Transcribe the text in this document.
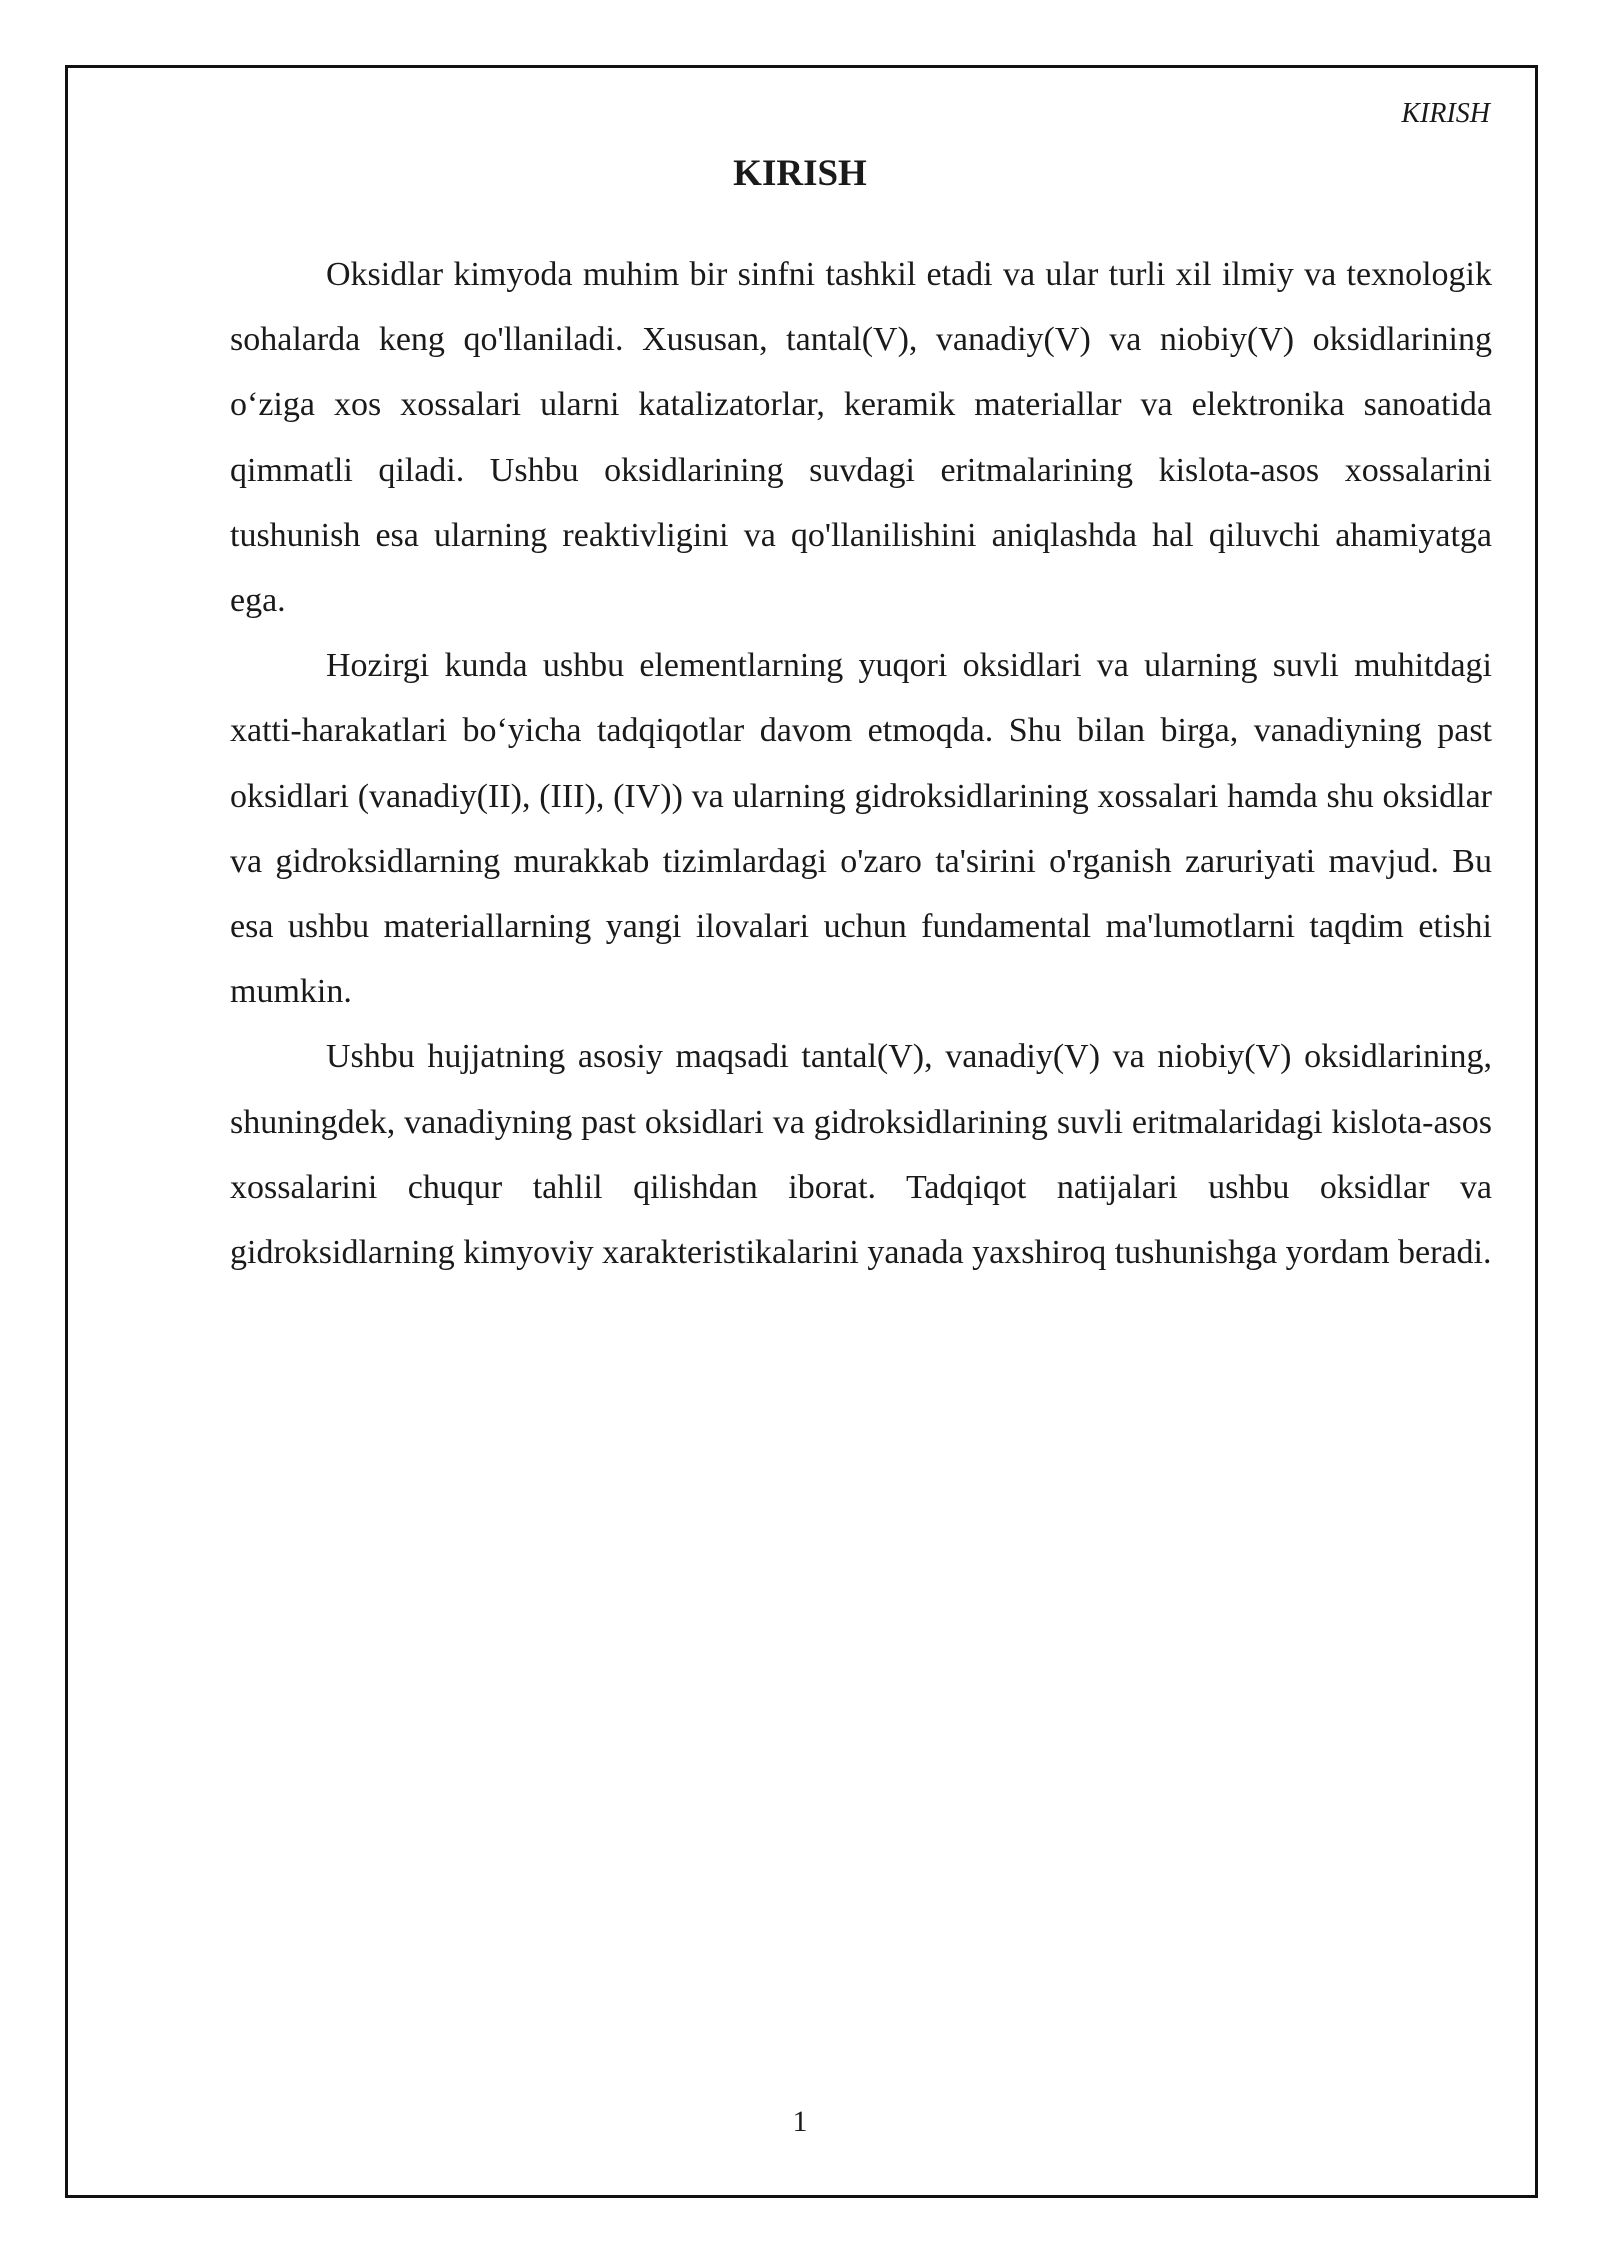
KIRISH
KIRISH

Oksidlar kimyoda muhim bir sinfni tashkil etadi va ular turli xil ilmiy va texnologik sohalarda keng qo'llaniladi. Xususan, tantal(V), vanadiy(V) va niobiy(V) oksidlarining o‘ziga xos xossalari ularni katalizatorlar, keramik materiallar va elektronika sanoatida qimmatli qiladi. Ushbu oksidlarining suvdagi eritmalarining kislota-asos xossalarini tushunish esa ularning reaktivligini va qo'llanilishini aniqlashda hal qiluvchi ahamiyatga ega.

Hozirgi kunda ushbu elementlarning yuqori oksidlari va ularning suvli muhitdagi xatti-harakatlari bo‘yicha tadqiqotlar davom etmoqda. Shu bilan birga, vanadiyning past oksidlari (vanadiy(II), (III), (IV)) va ularning gidroksidlarining xossalari hamda shu oksidlar va gidroksidlarning murakkab tizimlardagi o'zaro ta'sirini o'rganish zaruriyati mavjud. Bu esa ushbu materiallarning yangi ilovalari uchun fundamental ma'lumotlarni taqdim etishi mumkin.

Ushbu hujjatning asosiy maqsadi tantal(V), vanadiy(V) va niobiy(V) oksidlarining, shuningdek, vanadiyning past oksidlari va gidroksidlarining suvli eritmalaridagi kislota-asos xossalarini chuqur tahlil qilishdan iborat. Tadqiqot natijalari ushbu oksidlar va gidroksidlarning kimyoviy xarakteristikalarini yanada yaxshiroq tushunishga yordam beradi.

1
